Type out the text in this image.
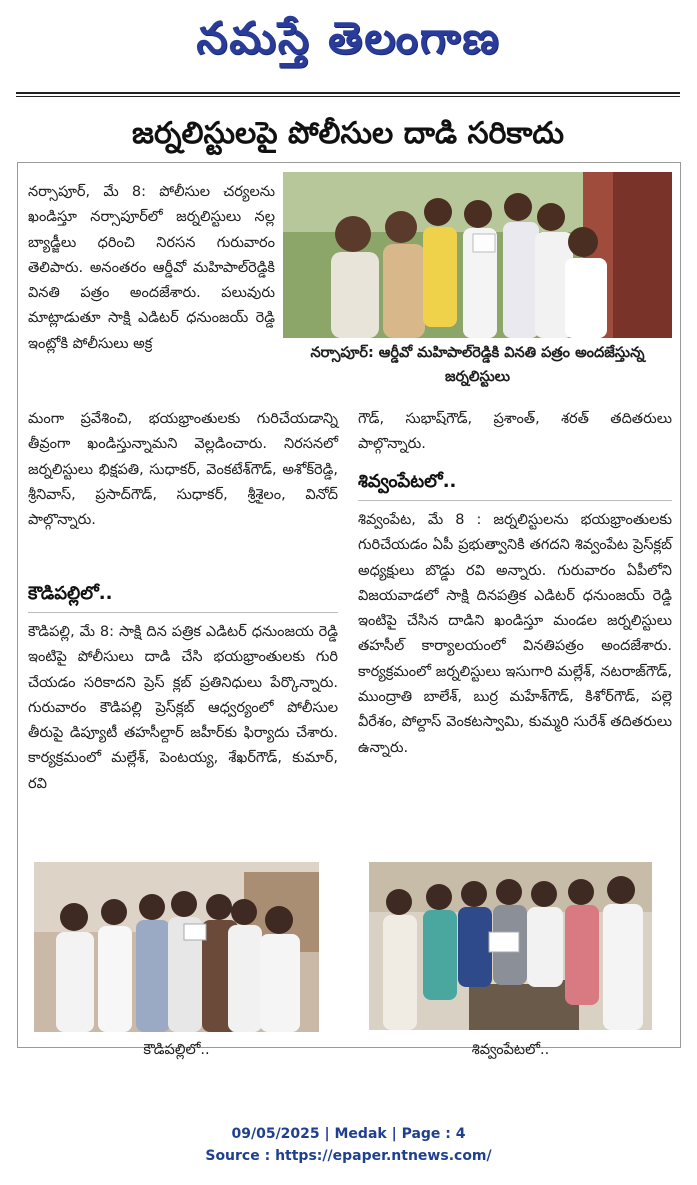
నమస్తే తెలంగాణ
జర్నలిస్టులపై పోలీసుల దాడి సరికాదు

నర్సాపూర్, మే 8: పోలీసుల చర్యలను ఖండిస్తూ నర్సాపూర్‌లో జర్నలిస్టులు నల్ల బ్యాడ్జీలు ధరించి నిరసన గురువారం తెలిపారు. అనంతరం ఆర్డీవో మహిపాల్‌రెడ్డికి వినతి పత్రం అందజేశారు. పలువురు మాట్లాడుతూ సాక్షి ఎడిటర్ ధనుంజయ్ రెడ్డి ఇంట్లోకి పోలీసులు అక్ర

నర్సాపూర్: ఆర్డీవో మహిపాల్‌రెడ్డికి వినతి పత్రం అందజేస్తున్న జర్నలిస్టులు

మంగా ప్రవేశించి, భయభ్రాంతులకు గురిచేయడాన్ని తీవ్రంగా ఖండిస్తున్నామని వెల్లడించారు. నిరసనలో జర్నలిస్టులు భిక్షపతి, సుధాకర్, వెంకటేశ్‌గౌడ్, అశోక్‌రెడ్డి, శ్రీనివాస్, ప్రసాద్‌గౌడ్, సుధాకర్, శ్రీశైలం, వినోద్ పాల్గొన్నారు.

గౌడ్, సుభాష్‌గౌడ్, ప్రశాంత్, శరత్ తదితరులు పాల్గొన్నారు.

కౌడిపల్లిలో..

కౌడిపల్లి, మే 8: సాక్షి దిన పత్రిక ఎడిటర్ ధనుంజయ రెడ్డి ఇంటిపై పోలీసులు దాడి చేసి భయభ్రాంతులకు గురి చేయడం సరికాదని ప్రెస్ క్లబ్ ప్రతినిధులు పేర్కొన్నారు. గురువారం కౌడిపల్లి ప్రెస్‌క్లబ్ ఆధ్వర్యంలో పోలీసుల తీరుపై డిప్యూటీ తహసీల్దార్ జహీర్‌కు ఫిర్యాదు చేశారు. కార్యక్రమంలో మల్లేశ్, పెంటయ్య, శేఖర్‌గౌడ్, కుమార్, రవి

శివ్వంపేటలో..

శివ్వంపేట, మే 8 : జర్నలిస్టులను భయభ్రాంతులకు గురిచేయడం ఏపీ ప్రభుత్వానికి తగదని శివ్వంపేట ప్రెస్‌క్లబ్ అధ్యక్షులు బొడ్డు రవి అన్నారు. గురువారం ఏపీలోని విజయవాడలో సాక్షి దినపత్రిక ఎడిటర్ ధనుంజయ్ రెడ్డి ఇంటిపై చేసిన దాడిని ఖండిస్తూ మండల జర్నలిస్టులు తహసీల్ కార్యాలయంలో వినతిపత్రం అందజేశారు. కార్యక్రమంలో జర్నలిస్టులు ఇసుగారి మల్లేశ్, నటరాజ్‌గౌడ్, ముంద్రాతి బాలేశ్, బుర్ర మహేశ్‌గౌడ్, కిశోర్‌గౌడ్, పల్లె వీరేశం, పోల్దాస్ వెంకటస్వామి, కుమ్మరి సురేశ్ తదితరులు ఉన్నారు.

కౌడిపల్లిలో..	శివ్వంపేటలో..
09/05/2025 | Medak | Page : 4
Source : https://epaper.ntnews.com/
